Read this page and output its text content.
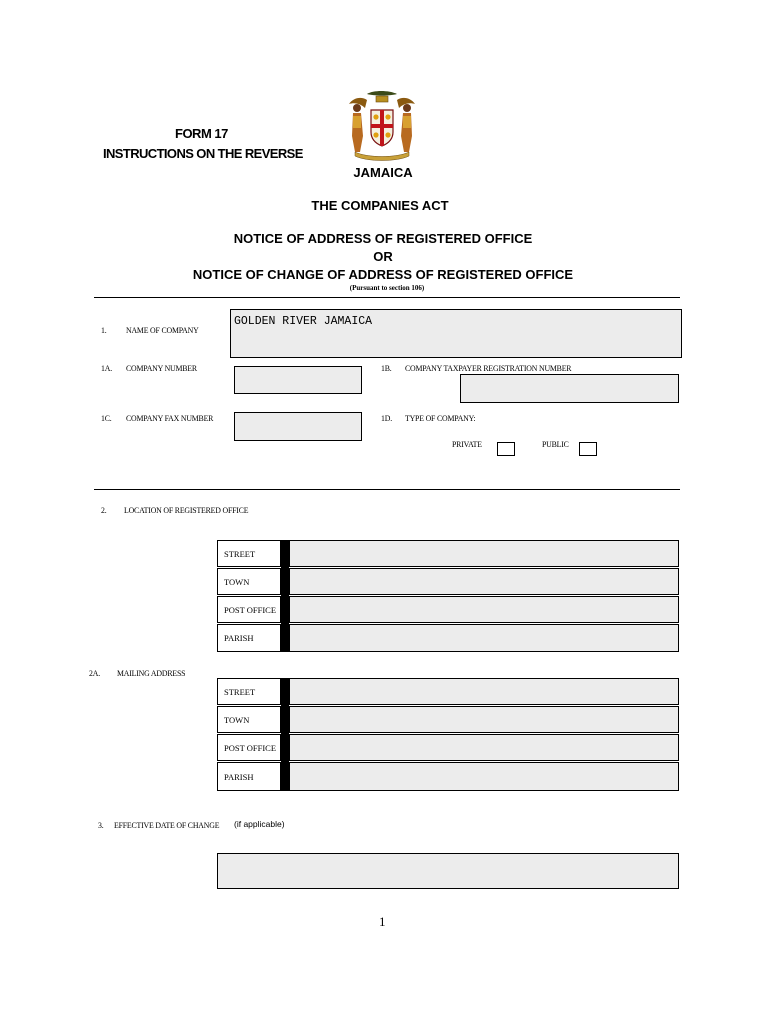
FORM 17
INSTRUCTIONS ON THE REVERSE
JAMAICA
THE COMPANIES ACT
NOTICE OF ADDRESS OF REGISTERED OFFICE
OR
NOTICE OF CHANGE OF ADDRESS OF REGISTERED OFFICE
(Pursuant to section 106)
1. NAME OF COMPANY
GOLDEN RIVER JAMAICA
1A. COMPANY NUMBER	1B. COMPANY TAXPAYER REGISTRATION NUMBER
1C. COMPANY FAX NUMBER	1D. TYPE OF COMPANY:
PRIVATE	PUBLIC
2. LOCATION OF REGISTERED OFFICE
STREET
TOWN
POST OFFICE
PARISH
2A. MAILING ADDRESS
STREET
TOWN
POST OFFICE
PARISH
3. EFFECTIVE DATE OF CHANGE (if applicable)
1
